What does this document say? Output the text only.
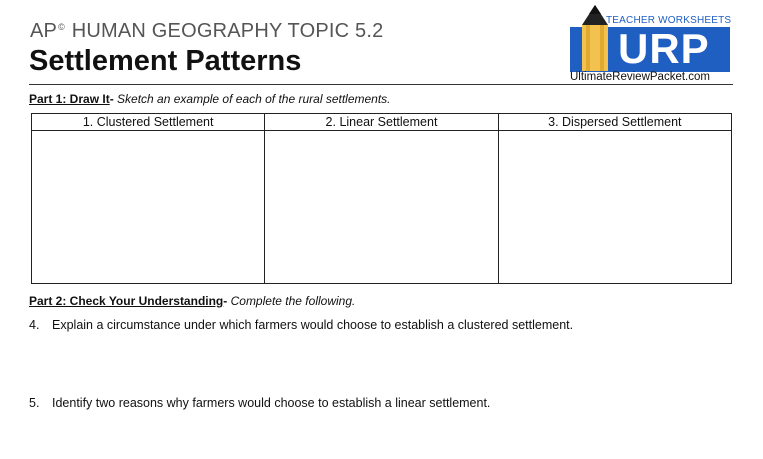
AP© HUMAN GEOGRAPHY TOPIC 5.2
Settlement Patterns
TEACHER WORKSHEETS
URP
UltimateReviewPacket.com
Part 1: Draw It- Sketch an example of each of the rural settlements.
1. Clustered Settlement	2. Linear Settlement	3. Dispersed Settlement

Part 2: Check Your Understanding- Complete the following.
4. Explain a circumstance under which farmers would choose to establish a clustered settlement.
5. Identify two reasons why farmers would choose to establish a linear settlement.
